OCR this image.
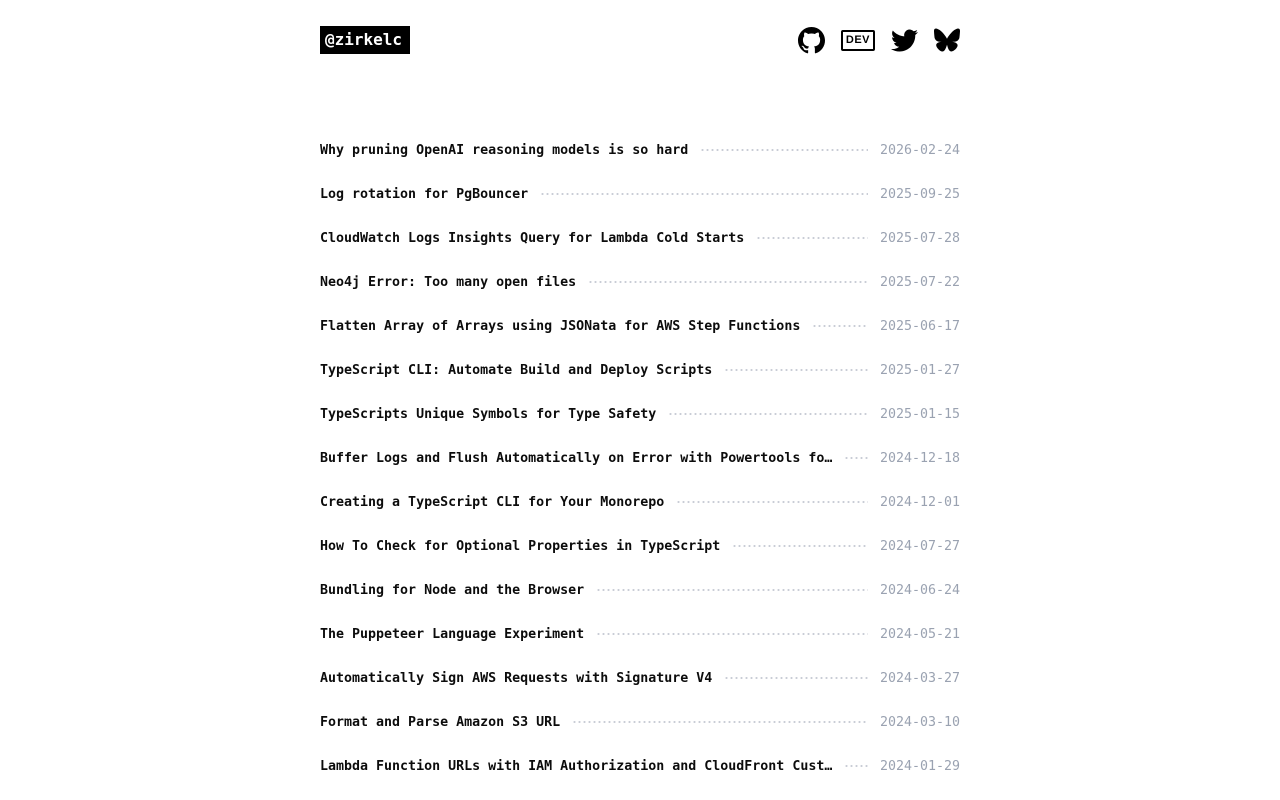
@zirkelc	DEV
Why pruning OpenAI reasoning models is so hard	2026-02-24
Log rotation for PgBouncer	2025-09-25
CloudWatch Logs Insights Query for Lambda Cold Starts	2025-07-28
Neo4j Error: Too many open files	2025-07-22
Flatten Array of Arrays using JSONata for AWS Step Functions	2025-06-17
TypeScript CLI: Automate Build and Deploy Scripts	2025-01-27
TypeScripts Unique Symbols for Type Safety	2025-01-15
Buffer Logs and Flush Automatically on Error with Powertools fo…	2024-12-18
Creating a TypeScript CLI for Your Monorepo	2024-12-01
How To Check for Optional Properties in TypeScript	2024-07-27
Bundling for Node and the Browser	2024-06-24
The Puppeteer Language Experiment	2024-05-21
Automatically Sign AWS Requests with Signature V4	2024-03-27
Format and Parse Amazon S3 URL	2024-03-10
Lambda Function URLs with IAM Authorization and CloudFront Cust…	2024-01-29
